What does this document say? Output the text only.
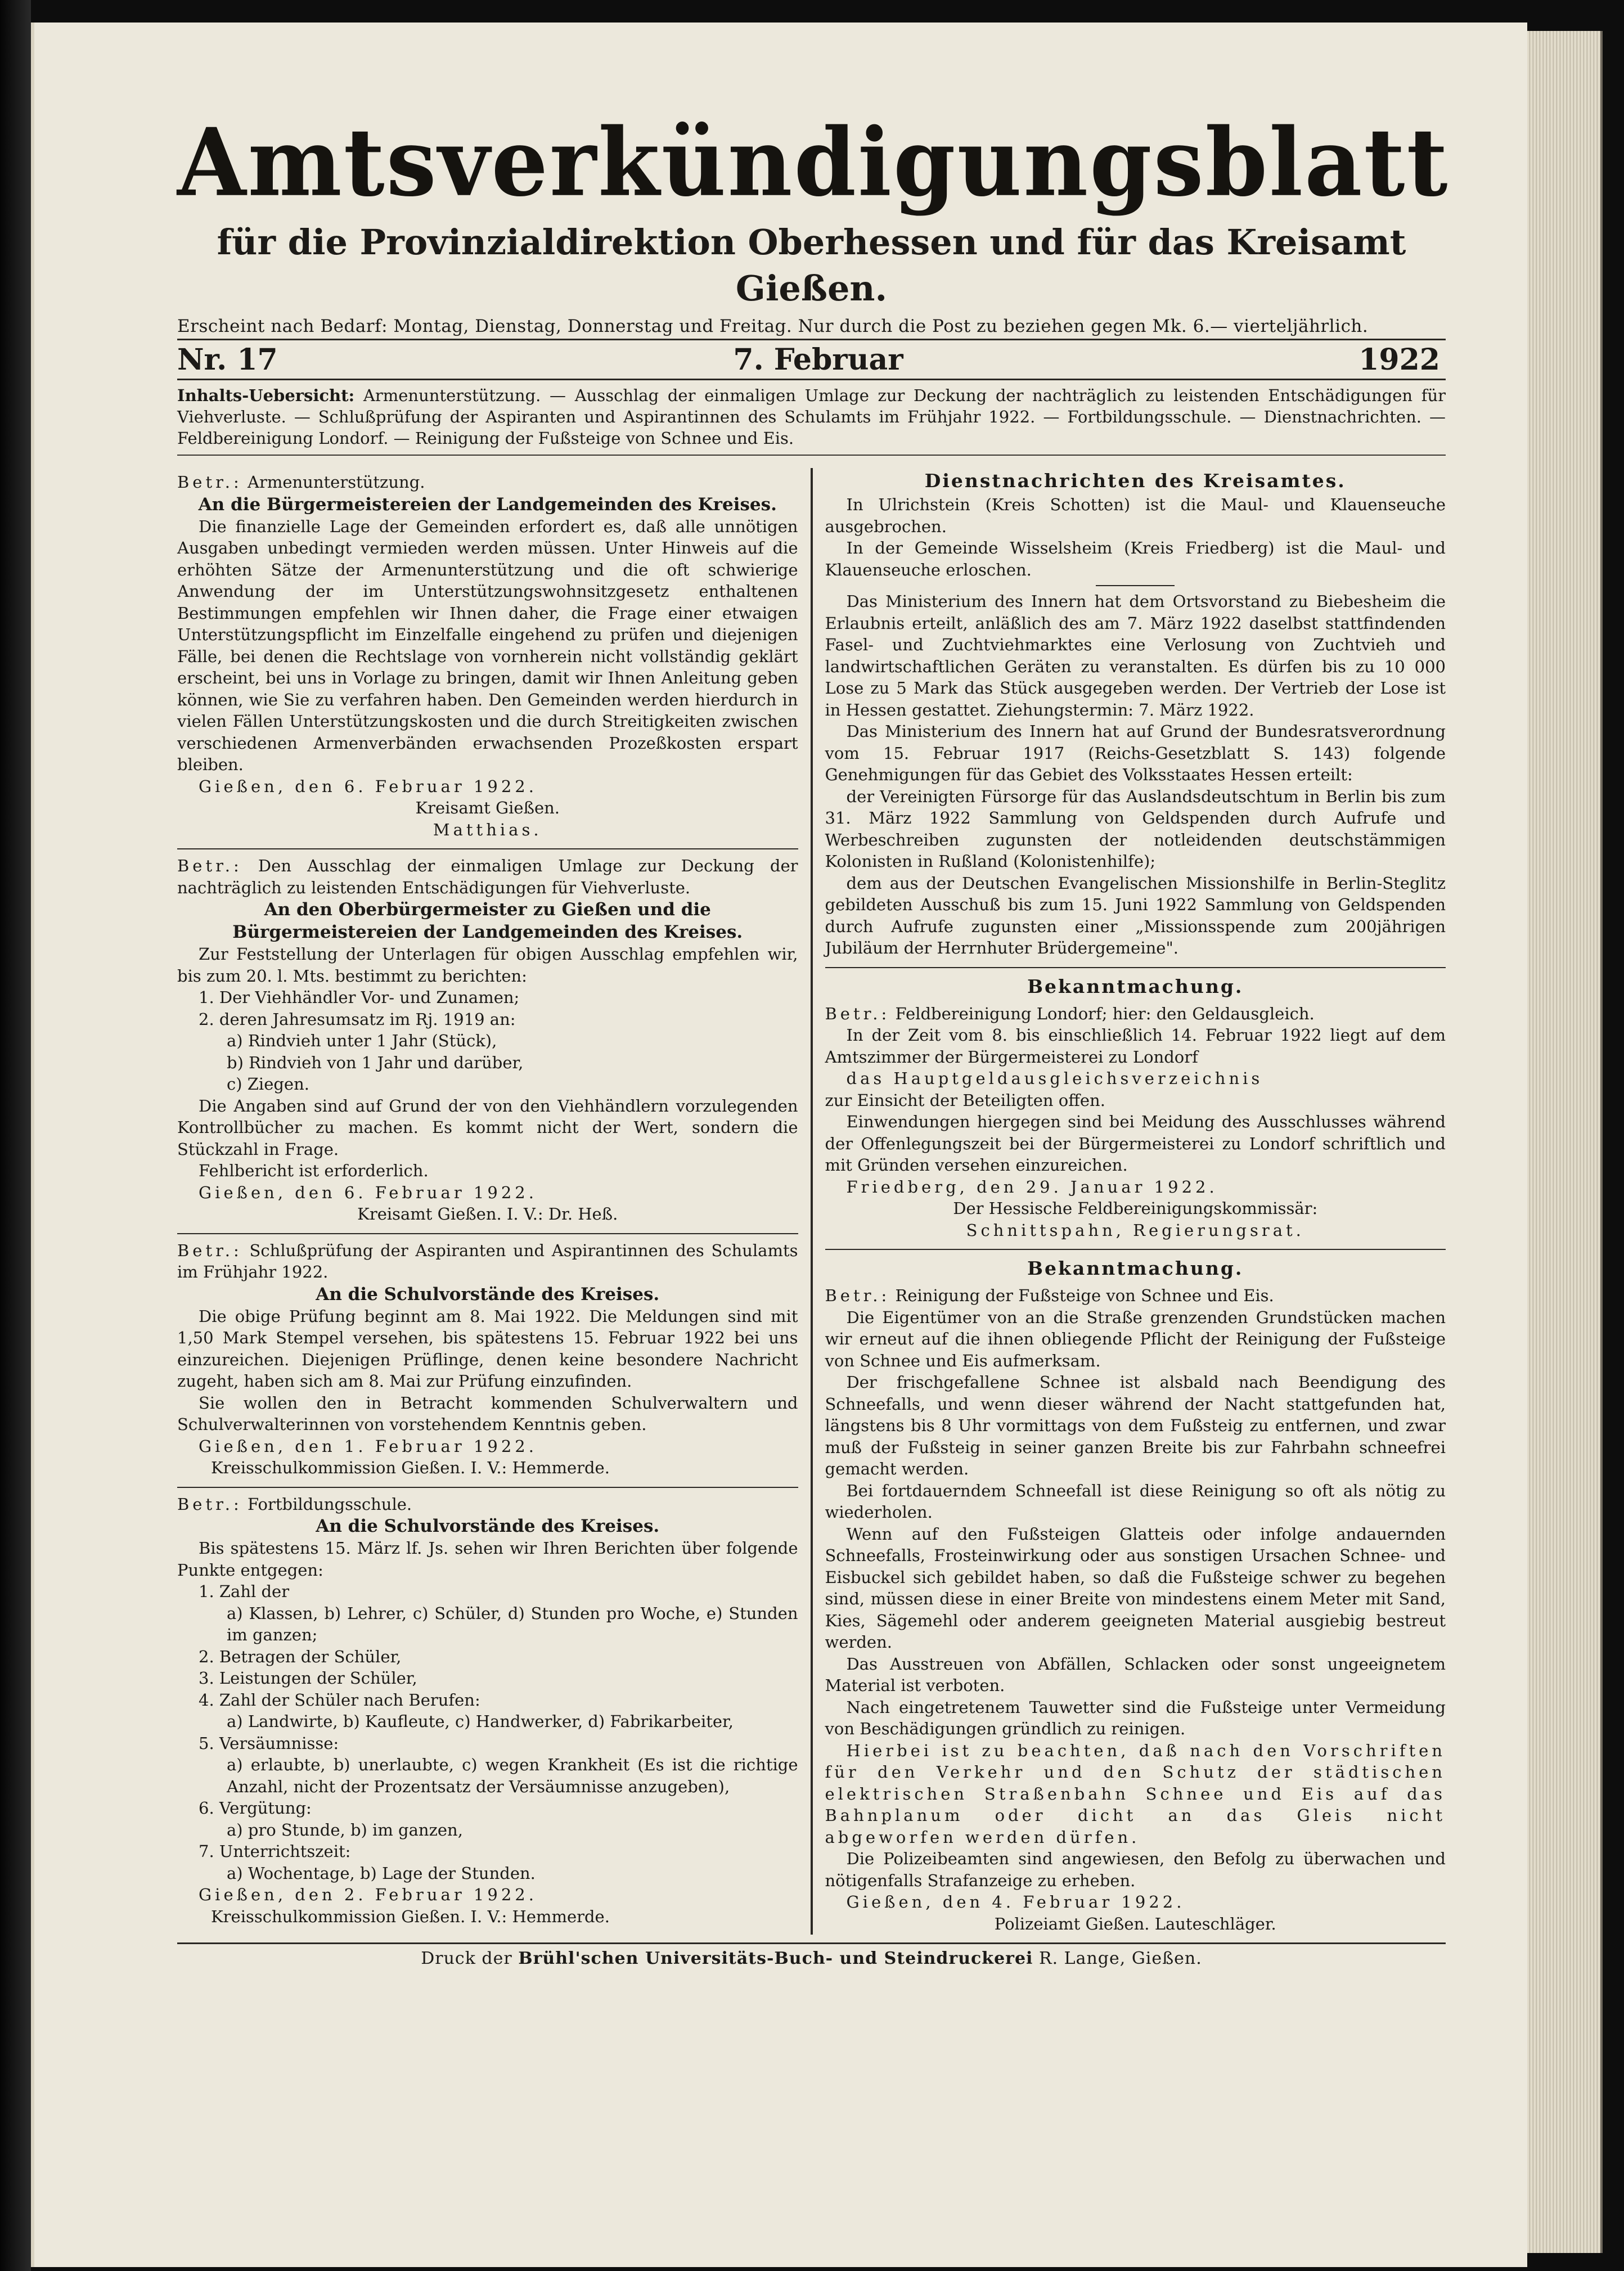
Amtsverkündigungsblatt
für die Provinzialdirektion Oberhessen und für das Kreisamt Gießen.
Erscheint nach Bedarf: Montag, Dienstag, Donnerstag und Freitag. Nur durch die Post zu beziehen gegen Mk. 6.— vierteljährlich.
Nr. 17	7. Februar	1922
Inhalts-Uebersicht: Armenunterstützung. — Ausschlag der einmaligen Umlage zur Deckung der nachträglich zu leistenden Entschädigungen für Viehverluste. — Schlußprüfung der Aspiranten und Aspirantinnen des Schulamts im Frühjahr 1922. — Fortbildungsschule. — Dienstnachrichten. — Feldbereinigung Londorf. — Reinigung der Fußsteige von Schnee und Eis.
Betr.: Armenunterstützung.
An die Bürgermeistereien der Landgemeinden des Kreises.
Die finanzielle Lage der Gemeinden erfordert es, daß alle unnötigen Ausgaben unbedingt vermieden werden müssen. Unter Hinweis auf die erhöhten Sätze der Armenunterstützung und die oft schwierige Anwendung der im Unterstützungswohnsitzgesetz enthaltenen Bestimmungen empfehlen wir Ihnen daher, die Frage einer etwaigen Unterstützungspflicht im Einzelfalle eingehend zu prüfen und diejenigen Fälle, bei denen die Rechtslage von vornherein nicht vollständig geklärt erscheint, bei uns in Vorlage zu bringen, damit wir Ihnen Anleitung geben können, wie Sie zu verfahren haben. Den Gemeinden werden hierdurch in vielen Fällen Unterstützungskosten und die durch Streitigkeiten zwischen verschiedenen Armenverbänden erwachsenden Prozeßkosten erspart bleiben.
Gießen, den 6. Februar 1922.
Kreisamt Gießen.
Matthias.
Betr.: Den Ausschlag der einmaligen Umlage zur Deckung der nachträglich zu leistenden Entschädigungen für Viehverluste.
An den Oberbürgermeister zu Gießen und die Bürgermeistereien der Landgemeinden des Kreises.
Zur Feststellung der Unterlagen für obigen Ausschlag empfehlen wir, bis zum 20. l. Mts. bestimmt zu berichten:
1. Der Viehhändler Vor- und Zunamen;
2. deren Jahresumsatz im Rj. 1919 an:
a) Rindvieh unter 1 Jahr (Stück),
b) Rindvieh von 1 Jahr und darüber,
c) Ziegen.
Die Angaben sind auf Grund der von den Viehhändlern vorzulegenden Kontrollbücher zu machen. Es kommt nicht der Wert, sondern die Stückzahl in Frage.
Fehlbericht ist erforderlich.
Gießen, den 6. Februar 1922.
Kreisamt Gießen. I. V.: Dr. Heß.
Betr.: Schlußprüfung der Aspiranten und Aspirantinnen des Schulamts im Frühjahr 1922.
An die Schulvorstände des Kreises.
Die obige Prüfung beginnt am 8. Mai 1922. Die Meldungen sind mit 1,50 Mark Stempel versehen, bis spätestens 15. Februar 1922 bei uns einzureichen. Diejenigen Prüflinge, denen keine besondere Nachricht zugeht, haben sich am 8. Mai zur Prüfung einzufinden.
Sie wollen den in Betracht kommenden Schulverwaltern und Schulverwalterinnen von vorstehendem Kenntnis geben.
Gießen, den 1. Februar 1922.
Kreisschulkommission Gießen. I. V.: Hemmerde.
Betr.: Fortbildungsschule.
An die Schulvorstände des Kreises.
Bis spätestens 15. März lf. Js. sehen wir Ihren Berichten über folgende Punkte entgegen:
1. Zahl der
a) Klassen, b) Lehrer, c) Schüler, d) Stunden pro Woche, e) Stunden im ganzen;
2. Betragen der Schüler,
3. Leistungen der Schüler,
4. Zahl der Schüler nach Berufen:
a) Landwirte, b) Kaufleute, c) Handwerker, d) Fabrikarbeiter,
5. Versäumnisse:
a) erlaubte, b) unerlaubte, c) wegen Krankheit (Es ist die richtige Anzahl, nicht der Prozentsatz der Versäumnisse anzugeben),
6. Vergütung:
a) pro Stunde, b) im ganzen,
7. Unterrichtszeit:
a) Wochentage, b) Lage der Stunden.
Gießen, den 2. Februar 1922.
Kreisschulkommission Gießen. I. V.: Hemmerde.
Dienstnachrichten des Kreisamtes.
In Ulrichstein (Kreis Schotten) ist die Maul- und Klauenseuche ausgebrochen.
In der Gemeinde Wisselsheim (Kreis Friedberg) ist die Maul- und Klauenseuche erloschen.
Das Ministerium des Innern hat dem Ortsvorstand zu Biebesheim die Erlaubnis erteilt, anläßlich des am 7. März 1922 daselbst stattfindenden Fasel- und Zuchtviehmarktes eine Verlosung von Zuchtvieh und landwirtschaftlichen Geräten zu veranstalten. Es dürfen bis zu 10 000 Lose zu 5 Mark das Stück ausgegeben werden. Der Vertrieb der Lose ist in Hessen gestattet. Ziehungstermin: 7. März 1922.
Das Ministerium des Innern hat auf Grund der Bundesratsverordnung vom 15. Februar 1917 (Reichs-Gesetzblatt S. 143) folgende Genehmigungen für das Gebiet des Volksstaates Hessen erteilt:
der Vereinigten Fürsorge für das Auslandsdeutschtum in Berlin bis zum 31. März 1922 Sammlung von Geldspenden durch Aufrufe und Werbeschreiben zugunsten der notleidenden deutschstämmigen Kolonisten in Rußland (Kolonistenhilfe);
dem aus der Deutschen Evangelischen Missionshilfe in Berlin-Steglitz gebildeten Ausschuß bis zum 15. Juni 1922 Sammlung von Geldspenden durch Aufrufe zugunsten einer „Missionsspende zum 200jährigen Jubiläum der Herrnhuter Brüdergemeine".
Bekanntmachung.
Betr.: Feldbereinigung Londorf; hier: den Geldausgleich.
In der Zeit vom 8. bis einschließlich 14. Februar 1922 liegt auf dem Amtszimmer der Bürgermeisterei zu Londorf
das Hauptgeldausgleichsverzeichnis
zur Einsicht der Beteiligten offen.
Einwendungen hiergegen sind bei Meidung des Ausschlusses während der Offenlegungszeit bei der Bürgermeisterei zu Londorf schriftlich und mit Gründen versehen einzureichen.
Friedberg, den 29. Januar 1922.
Der Hessische Feldbereinigungskommissär:
Schnittspahn, Regierungsrat.
Bekanntmachung.
Betr.: Reinigung der Fußsteige von Schnee und Eis.
Die Eigentümer von an die Straße grenzenden Grundstücken machen wir erneut auf die ihnen obliegende Pflicht der Reinigung der Fußsteige von Schnee und Eis aufmerksam.
Der frischgefallene Schnee ist alsbald nach Beendigung des Schneefalls, und wenn dieser während der Nacht stattgefunden hat, längstens bis 8 Uhr vormittags von dem Fußsteig zu entfernen, und zwar muß der Fußsteig in seiner ganzen Breite bis zur Fahrbahn schneefrei gemacht werden.
Bei fortdauerndem Schneefall ist diese Reinigung so oft als nötig zu wiederholen.
Wenn auf den Fußsteigen Glatteis oder infolge andauernden Schneefalls, Frosteinwirkung oder aus sonstigen Ursachen Schnee- und Eisbuckel sich gebildet haben, so daß die Fußsteige schwer zu begehen sind, müssen diese in einer Breite von mindestens einem Meter mit Sand, Kies, Sägemehl oder anderem geeigneten Material ausgiebig bestreut werden.
Das Ausstreuen von Abfällen, Schlacken oder sonst ungeeignetem Material ist verboten.
Nach eingetretenem Tauwetter sind die Fußsteige unter Vermeidung von Beschädigungen gründlich zu reinigen.
Hierbei ist zu beachten, daß nach den Vorschriften für den Verkehr und den Schutz der städtischen elektrischen Straßenbahn Schnee und Eis auf das Bahnplanum oder dicht an das Gleis nicht abgeworfen werden dürfen.
Die Polizeibeamten sind angewiesen, den Befolg zu überwachen und nötigenfalls Strafanzeige zu erheben.
Gießen, den 4. Februar 1922.
Polizeiamt Gießen. Lauteschläger.
Druck der Brühl'schen Universitäts-Buch- und Steindruckerei R. Lange, Gießen.
